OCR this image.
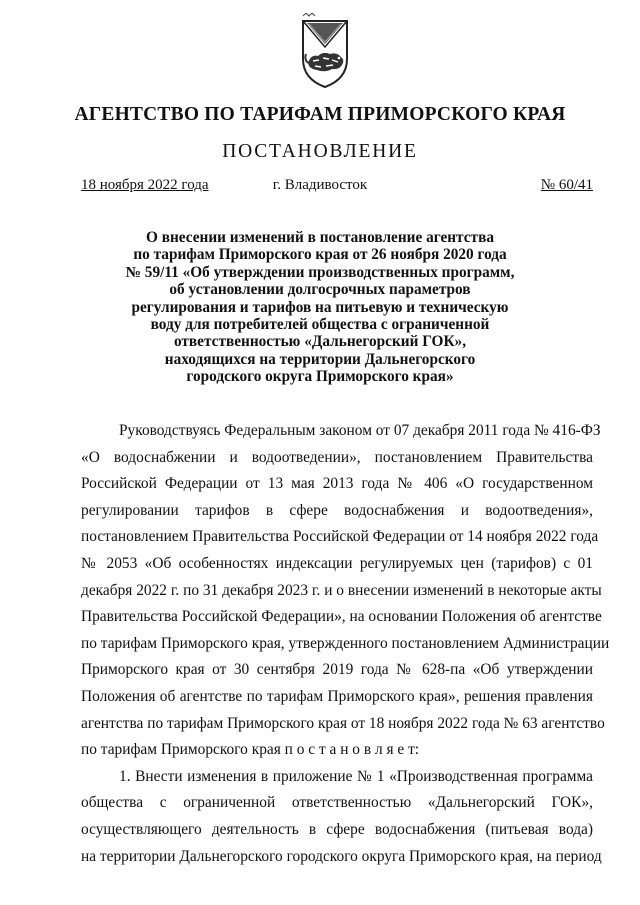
АГЕНТСТВО ПО ТАРИФАМ ПРИМОРСКОГО КРАЯ
ПОСТАНОВЛЕНИЕ
18 ноября 2022 года	г. Владивосток	№ 60/41
О внесении изменений в постановление агентства
по тарифам Приморского края от 26 ноября 2020 года
№ 59/11 «Об утверждении производственных программ,
об установлении долгосрочных параметров
регулирования и тарифов на питьевую и техническую
воду для потребителей общества с ограниченной
ответственностью «Дальнегорский ГОК»,
находящихся на территории Дальнегорского
городского округа Приморского края»
Руководствуясь Федеральным законом от 07 декабря 2011 года № 416-ФЗ
«О водоснабжении и водоотведении», постановлением Правительства
Российской Федерации от 13 мая 2013 года № 406 «О государственном
регулировании тарифов в сфере водоснабжения и водоотведения»,
постановлением Правительства Российской Федерации от 14 ноября 2022 года
№ 2053 «Об особенностях индексации регулируемых цен (тарифов) с 01
декабря 2022 г. по 31 декабря 2023 г. и о внесении изменений в некоторые акты
Правительства Российской Федерации», на основании Положения об агентстве
по тарифам Приморского края, утвержденного постановлением Администрации
Приморского края от 30 сентября 2019 года № 628-па «Об утверждении
Положения об агентстве по тарифам Приморского края», решения правления
агентства по тарифам Приморского края от 18 ноября 2022 года № 63 агентство
по тарифам Приморского края п о с т а н о в л я е т:
1. Внести изменения в приложение № 1 «Производственная программа
общества с ограниченной ответственностью «Дальнегорский ГОК»,
осуществляющего деятельность в сфере водоснабжения (питьевая вода)
на территории Дальнегорского городского округа Приморского края, на период
